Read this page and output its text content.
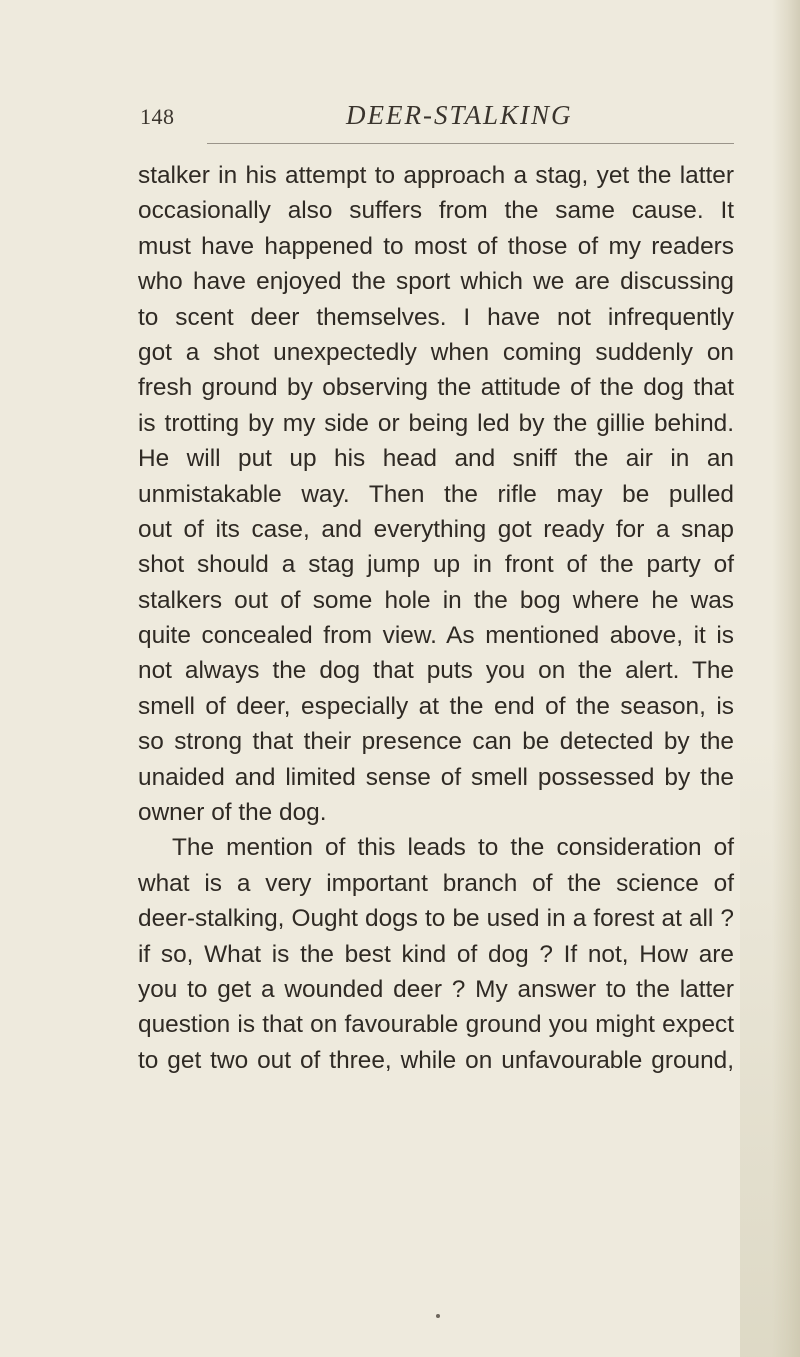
148	DEER-STALKING
stalker in his attempt to approach a stag, yet the latter
occasionally also suffers from the same cause. It
must have happened to most of those of my readers
who have enjoyed the sport which we are discussing
to scent deer themselves. I have not infrequently
got a shot unexpectedly when coming suddenly on
fresh ground by observing the attitude of the dog that
is trotting by my side or being led by the gillie behind.
He will put up his head and sniff the air in an
unmistakable way. Then the rifle may be pulled
out of its case, and everything got ready for a snap
shot should a stag jump up in front of the party of
stalkers out of some hole in the bog where he was
quite concealed from view. As mentioned above, it is
not always the dog that puts you on the alert. The
smell of deer, especially at the end of the season, is
so strong that their presence can be detected by the
unaided and limited sense of smell possessed by the
owner of the dog.
The mention of this leads to the consideration of
what is a very important branch of the science of
deer-stalking, Ought dogs to be used in a forest at all ?
if so, What is the best kind of dog ? If not, How are
you to get a wounded deer ? My answer to the latter
question is that on favourable ground you might expect
to get two out of three, while on unfavourable ground,
